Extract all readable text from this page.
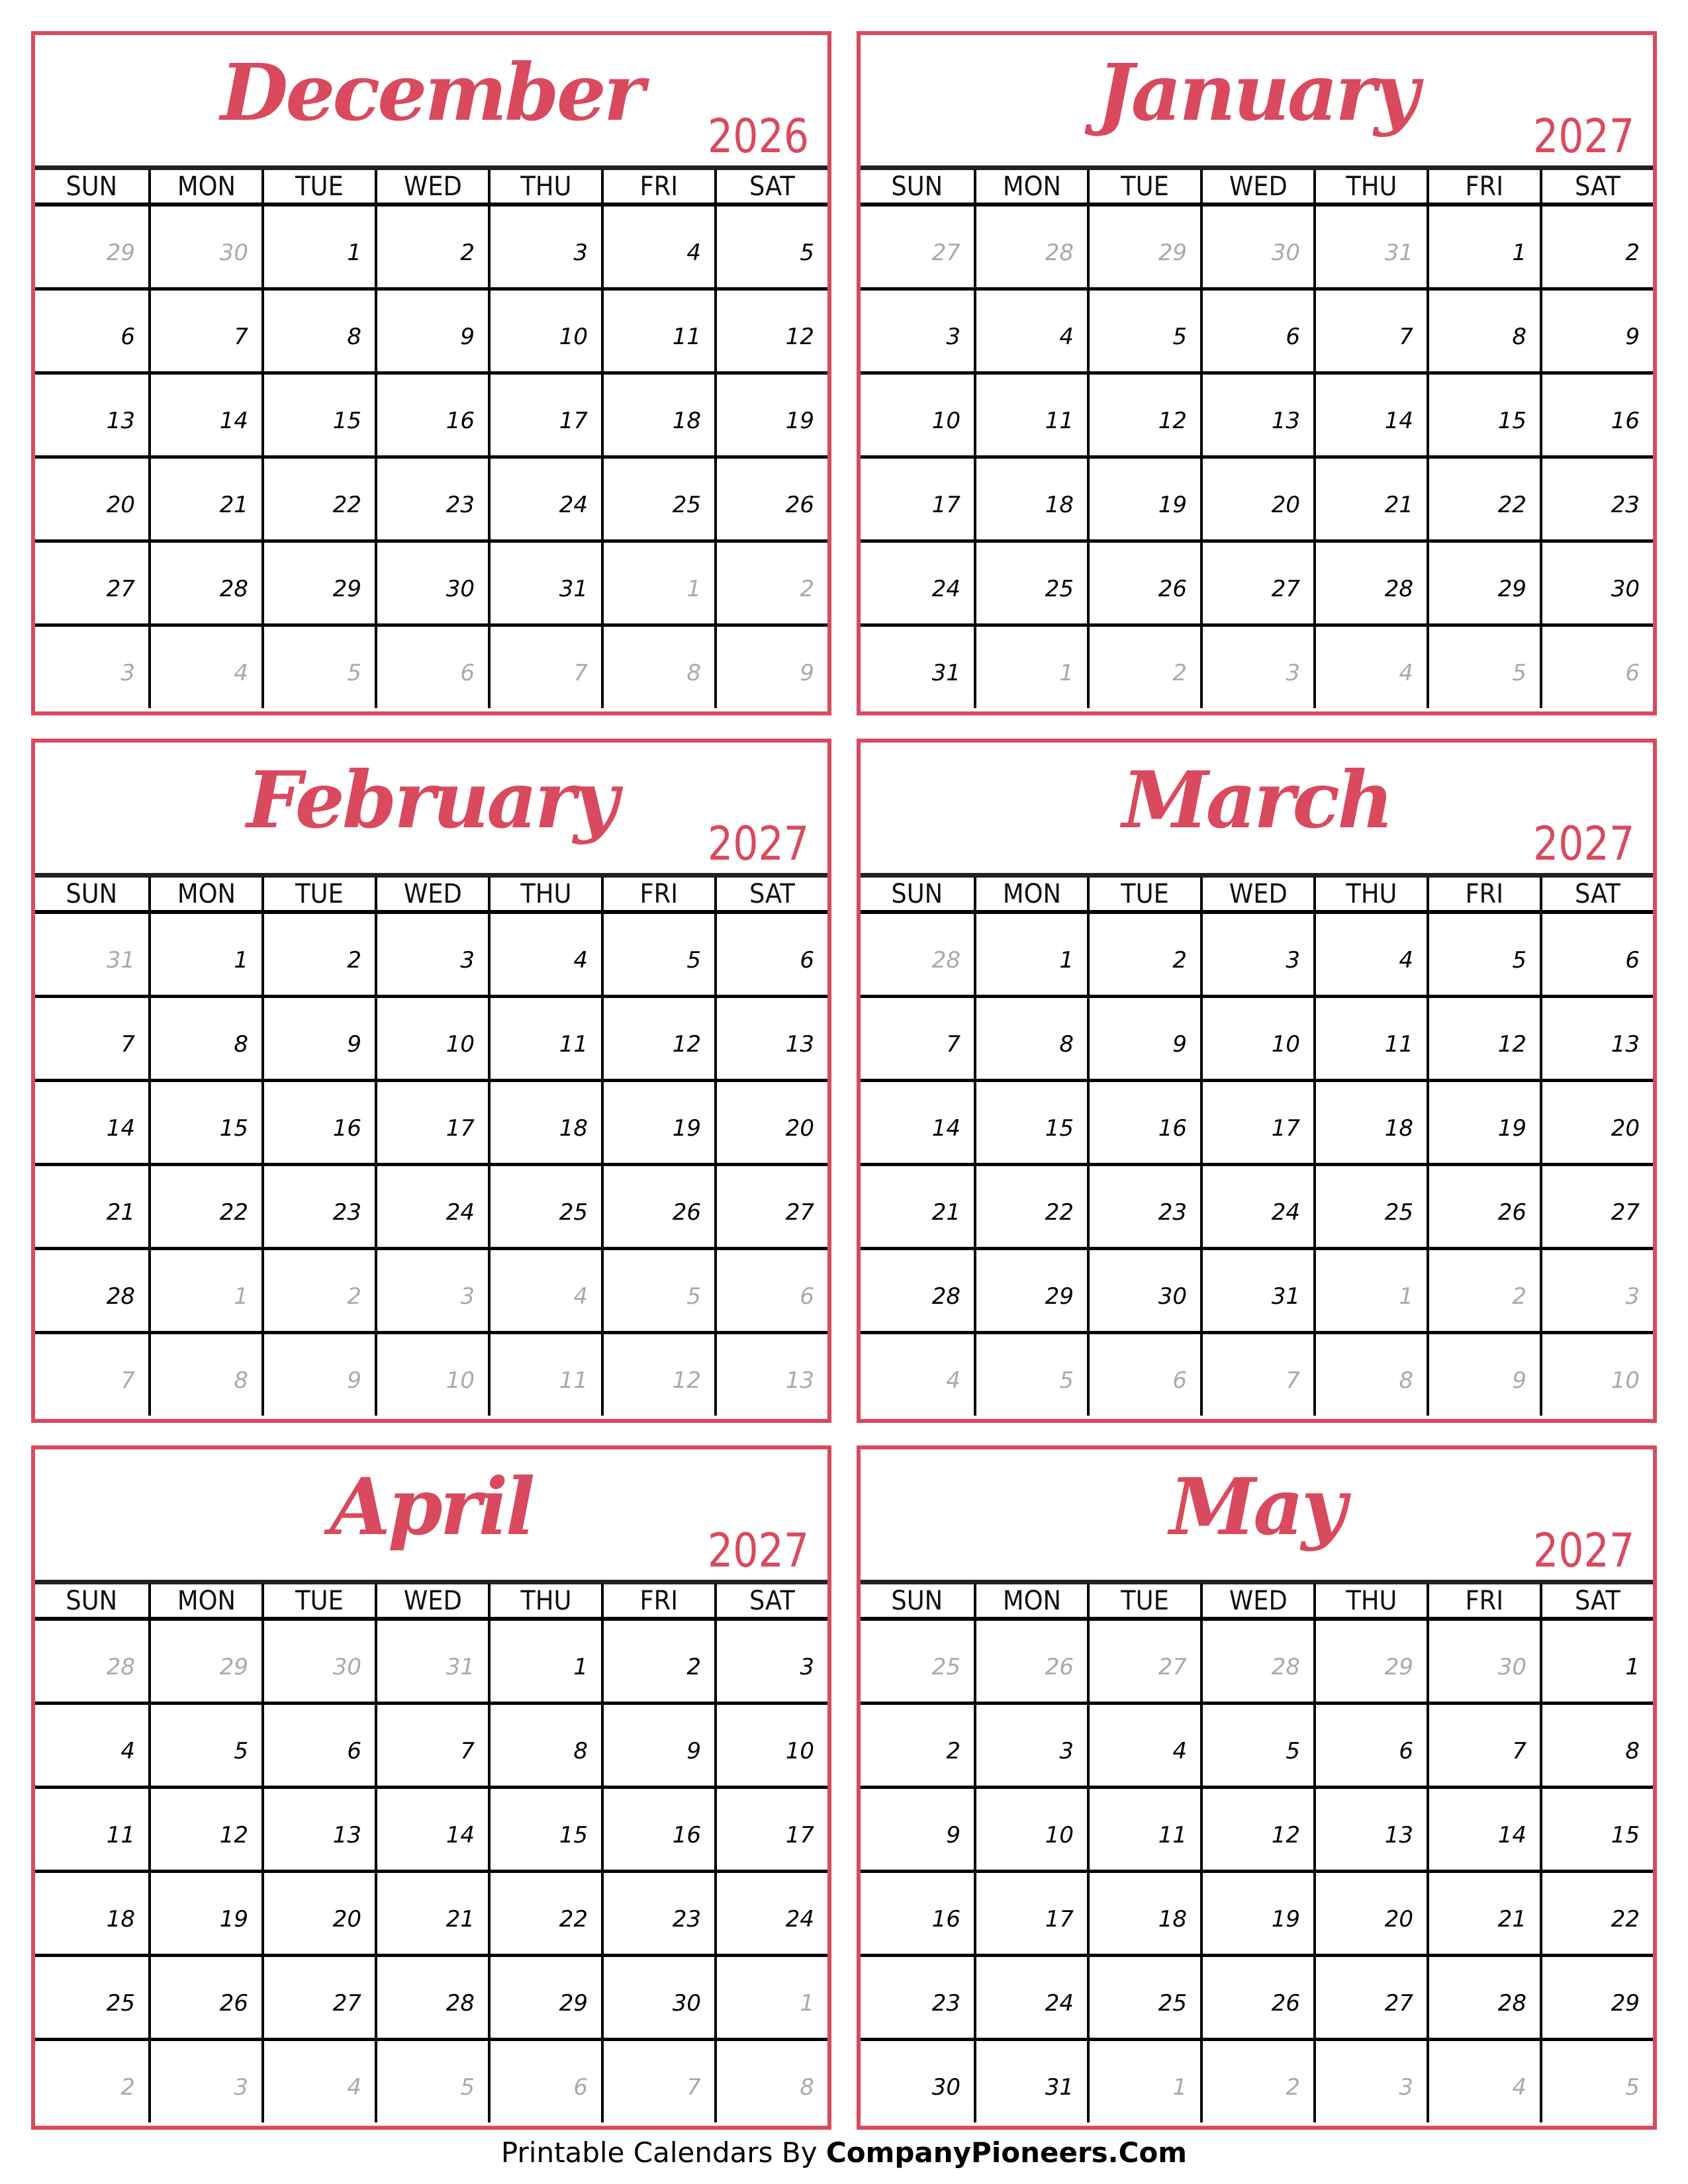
December	2026
SUN MON TUE WED THU	FRI	SAT
29	30	1	2	3	4	5
6	7	8	9	10	11	12
13	14	15	16	17	18	19
20	21	22	23	24	25	26
27	28	29	30	31	1	2
3	4	5	6	7	8	9
January	2027
SUN MON TUE WED THU	FRI	SAT
27	28	29	30	31	1	2
3	4	5	6	7	8	9
10	11	12	13	14	15	16
17	18	19	20	21	22	23
24	25	26	27	28	29	30
31	1	2	3	4	5	6
February	2027
SUN MON TUE WED THU	FRI	SAT
31	1	2	3	4	5	6
7	8	9	10	11	12	13
14	15	16	17	18	19	20
21	22	23	24	25	26	27
28	1	2	3	4	5	6
7	8	9	10	11	12	13
March	2027
SUN MON TUE WED THU	FRI	SAT
28	1	2	3	4	5	6
7	8	9	10	11	12	13
14	15	16	17	18	19	20
21	22	23	24	25	26	27
28	29	30	31	1	2	3
4	5	6	7	8	9	10
April	2027
SUN MON TUE WED THU	FRI	SAT
28	29	30	31	1	2	3
4	5	6	7	8	9	10
11	12	13	14	15	16	17
18	19	20	21	22	23	24
25	26	27	28	29	30	1
2	3	4	5	6	7	8
May	2027
SUN MON TUE WED THU	FRI	SAT
25	26	27	28	29	30	1
2	3	4	5	6	7	8
9	10	11	12	13	14	15
16	17	18	19	20	21	22
23	24	25	26	27	28	29
30	31	1	2	3	4	5
Printable Calendars By CompanyPioneers.Com
